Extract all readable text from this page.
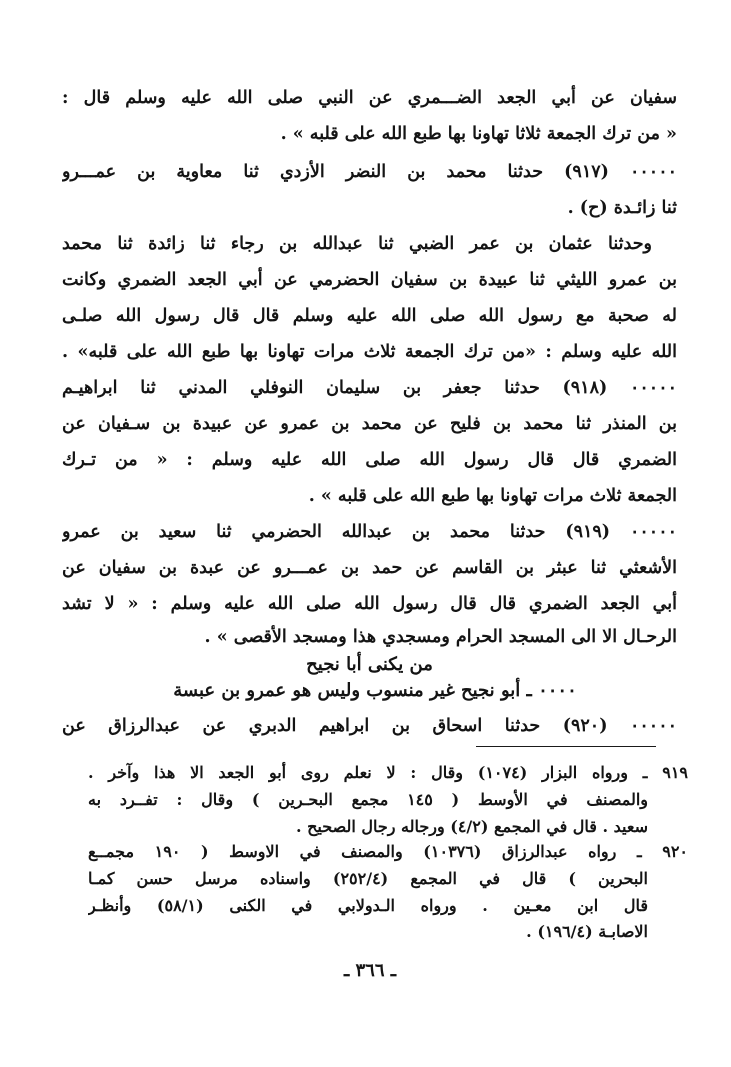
سفيان عن أبي الجعد الضـــمري عن النبي صلى الله عليه وسلم قال :
« من ترك الجمعة ثلاثا تهاونا بها طبع الله على قلبه » .
٠٠٠٠٠ (٩١٧) حدثنا محمد بن النضر الأزدي ثنا معاوية بن عمـــرو
ثنا زائـدة (ح) .
وحدثنا عثمان بن عمر الضبي ثنا عبدالله بن رجاء ثنا زائدة ثنا محمد
بن عمرو الليثي ثنا عبيدة بن سفيان الحضرمي عن أبي الجعد الضمري وكانت
له صحبة مع رسول الله صلى الله عليه وسلم قال قال رسول الله صلـى
الله عليه وسلم : «من ترك الجمعة ثلاث مرات تهاونا بها طبع الله على قلبه» .
٠٠٠٠٠ (٩١٨) حدثنا جعفر بن سليمان النوفلي المدني ثنا ابراهيـم
بن المنذر ثنا محمد بن فليح عن محمد بن عمرو عن عبيدة بن سـفيان عن
الضمري قال قال رسول الله صلى الله عليه وسلم : « من تـرك
الجمعة ثلاث مرات تهاونا بها طبع الله على قلبه » .
٠٠٠٠٠ (٩١٩) حدثنا محمد بن عبدالله الحضرمي ثنا سعيد بن عمرو
الأشعثي ثنا عبثر بن القاسم عن حمد بن عمـــرو عن عبدة بن سفيان عن
أبي الجعد الضمري قال قال رسول الله صلى الله عليه وسلم : « لا تشد
الرحـال الا الى المسجد الحرام ومسجدي هذا ومسجد الأقصى » .
من يكنى أبا نجيح
٠٠٠٠ ـ أبو نجيح غير منسوب وليس هو عمرو بن عبسة
٠٠٠٠٠ (٩٢٠) حدثنا اسحاق بن ابراهيم الدبري عن عبدالرزاق عن
٩١٩ ـ ورواه البزار (١٠٧٤) وقال : لا نعلم روى أبو الجعد الا هذا وآخر .
والمصنف في الأوسط ( ١٤٥ مجمع البحـرين ) وقال : تفــرد به
سعيد . قال في المجمع (٤/٢) ورجاله رجال الصحيح .
٩٢٠ ـ رواه عبدالرزاق (١٠٣٧٦) والمصنف في الاوسط ( ١٩٠ مجمــع
البحرين ) قال في المجمع (٢٥٢/٤) واسناده مرسل حسن كمـا
قال ابن معـين . ورواه الـدولابي في الكنى (٥٨/١) وأنظـر
الاصابـة (١٩٦/٤) .
ـ ٣٦٦ ـ
